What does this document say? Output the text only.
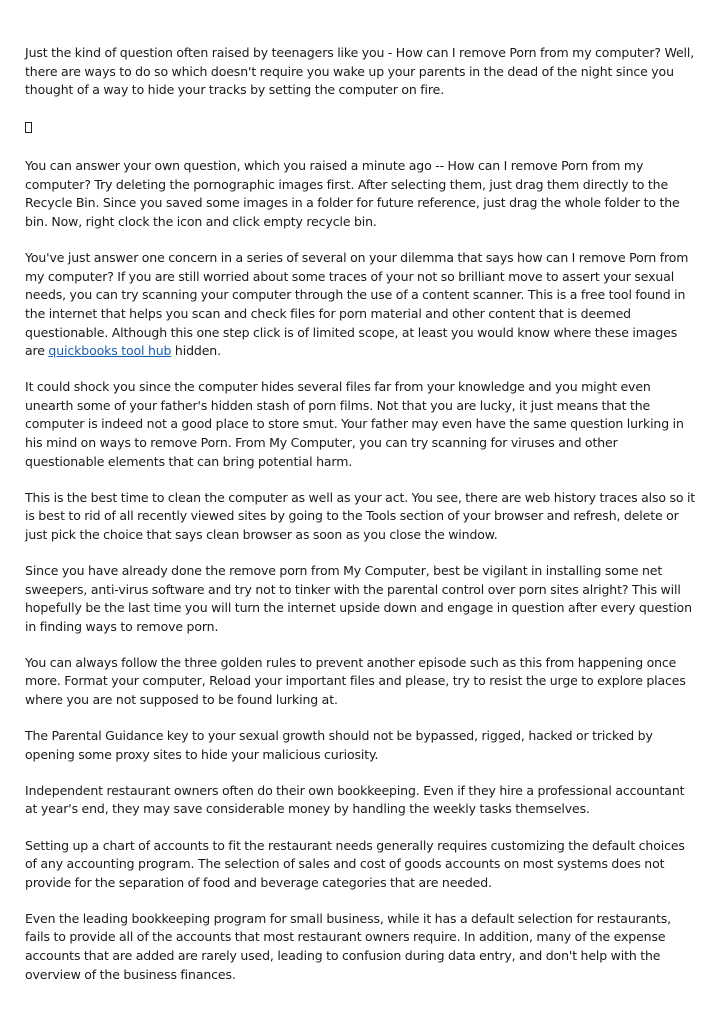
Just the kind of question often raised by teenagers like you - How can I remove Porn from my computer? Well, there are ways to do so which doesn't require you wake up your parents in the dead of the night since you thought of a way to hide your tracks by setting the computer on fire.

You can answer your own question, which you raised a minute ago -- How can I remove Porn from my computer? Try deleting the pornographic images first. After selecting them, just drag them directly to the Recycle Bin. Since you saved some images in a folder for future reference, just drag the whole folder to the bin. Now, right clock the icon and click empty recycle bin.

You've just answer one concern in a series of several on your dilemma that says how can I remove Porn from my computer? If you are still worried about some traces of your not so brilliant move to assert your sexual needs, you can try scanning your computer through the use of a content scanner. This is a free tool found in the internet that helps you scan and check files for porn material and other content that is deemed questionable. Although this one step click is of limited scope, at least you would know where these images are quickbooks tool hub hidden.

It could shock you since the computer hides several files far from your knowledge and you might even unearth some of your father's hidden stash of porn films. Not that you are lucky, it just means that the computer is indeed not a good place to store smut. Your father may even have the same question lurking in his mind on ways to remove Porn. From My Computer, you can try scanning for viruses and other questionable elements that can bring potential harm.

This is the best time to clean the computer as well as your act. You see, there are web history traces also so it is best to rid of all recently viewed sites by going to the Tools section of your browser and refresh, delete or just pick the choice that says clean browser as soon as you close the window.

Since you have already done the remove porn from My Computer, best be vigilant in installing some net sweepers, anti-virus software and try not to tinker with the parental control over porn sites alright? This will hopefully be the last time you will turn the internet upside down and engage in question after every question in finding ways to remove porn.

You can always follow the three golden rules to prevent another episode such as this from happening once more. Format your computer, Reload your important files and please, try to resist the urge to explore places where you are not supposed to be found lurking at.

The Parental Guidance key to your sexual growth should not be bypassed, rigged, hacked or tricked by opening some proxy sites to hide your malicious curiosity.

Independent restaurant owners often do their own bookkeeping. Even if they hire a professional accountant at year's end, they may save considerable money by handling the weekly tasks themselves.

Setting up a chart of accounts to fit the restaurant needs generally requires customizing the default choices of any accounting program. The selection of sales and cost of goods accounts on most systems does not provide for the separation of food and beverage categories that are needed.

Even the leading bookkeeping program for small business, while it has a default selection for restaurants, fails to provide all of the accounts that most restaurant owners require. In addition, many of the expense accounts that are added are rarely used, leading to confusion during data entry, and don't help with the overview of the business finances.
